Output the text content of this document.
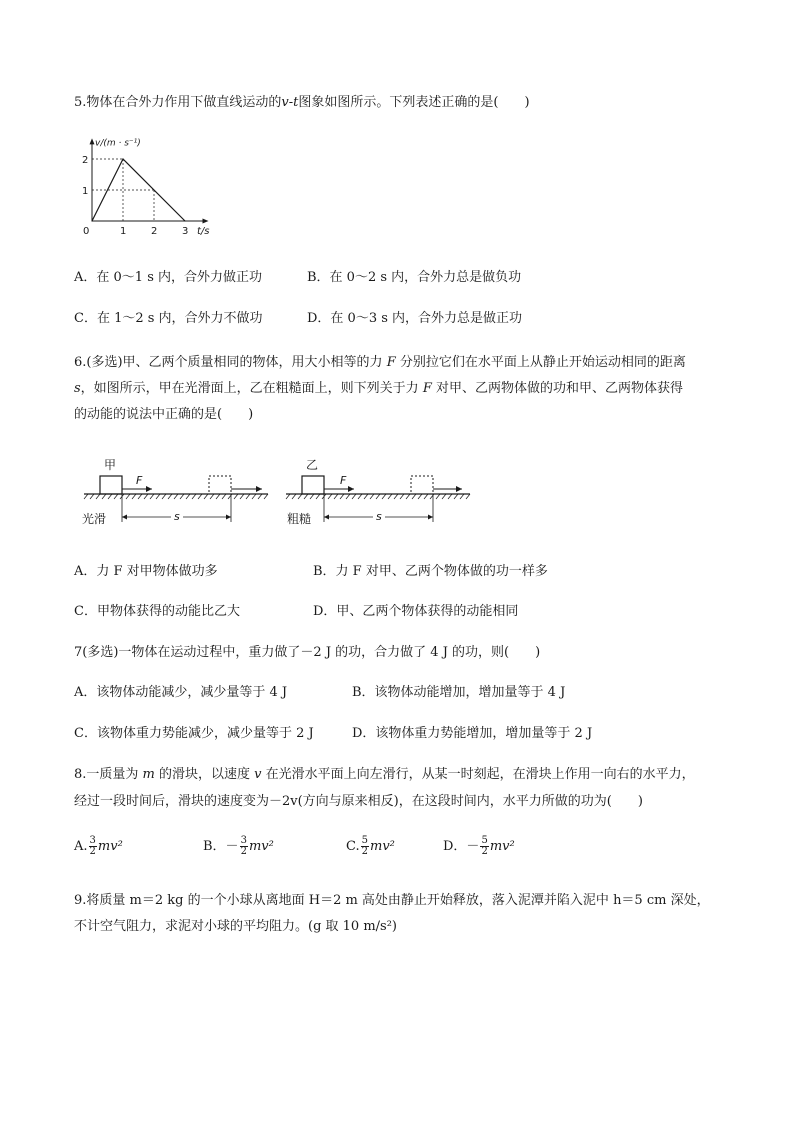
5.物体在合外力作用下做直线运动的v-t图象如图所示。下列表述正确的是(　　)
0	1 2 3
1
2
v/(m · s⁻¹)
t/s
A．在 0～1 s 内，合外力做正功	B．在 0～2 s 内，合外力总是做负功
C．在 1～2 s 内，合外力不做功	D．在 0～3 s 内，合外力总是做正功
6.(多选)甲、乙两个质量相同的物体，用大小相等的力 F 分别拉它们在水平面上从静止开始运动相同的距离
s，如图所示，甲在光滑面上，乙在粗糙面上，则下列关于力 F 对甲、乙两物体做的功和甲、乙两物体获得
的动能的说法中正确的是(　　)
甲
F
光滑	s
乙
F
粗糙	s
A．力 F 对甲物体做功多	B．力 F 对甲、乙两个物体做的功一样多
C．甲物体获得的动能比乙大	D．甲、乙两个物体获得的动能相同
7(多选)一物体在运动过程中，重力做了－2 J 的功，合力做了 4 J 的功，则(　　)
A．该物体动能减少，减少量等于 4 J	B．该物体动能增加，增加量等于 4 J
C．该物体重力势能减少，减少量等于 2 J	D．该物体重力势能增加，增加量等于 2 J
8.一质量为 m 的滑块，以速度 v 在光滑水平面上向左滑行，从某一时刻起，在滑块上作用一向右的水平力，
经过一段时间后，滑块的速度变为－2v(方向与原来相反)，在这段时间内，水平力所做的功为(　　)
A. $\frac{3}{2} mv^2$	B．－ $\frac{3}{2} mv^2$	C. $\frac{5}{2} mv^2$	D．－ $\frac{5}{2} mv^2$
9.将质量 m＝2 kg 的一个小球从离地面 H＝2 m 高处由静止开始释放，落入泥潭并陷入泥中 h＝5 cm 深处，
不计空气阻力，求泥对小球的平均阻力。(g 取 10 m/s²)
